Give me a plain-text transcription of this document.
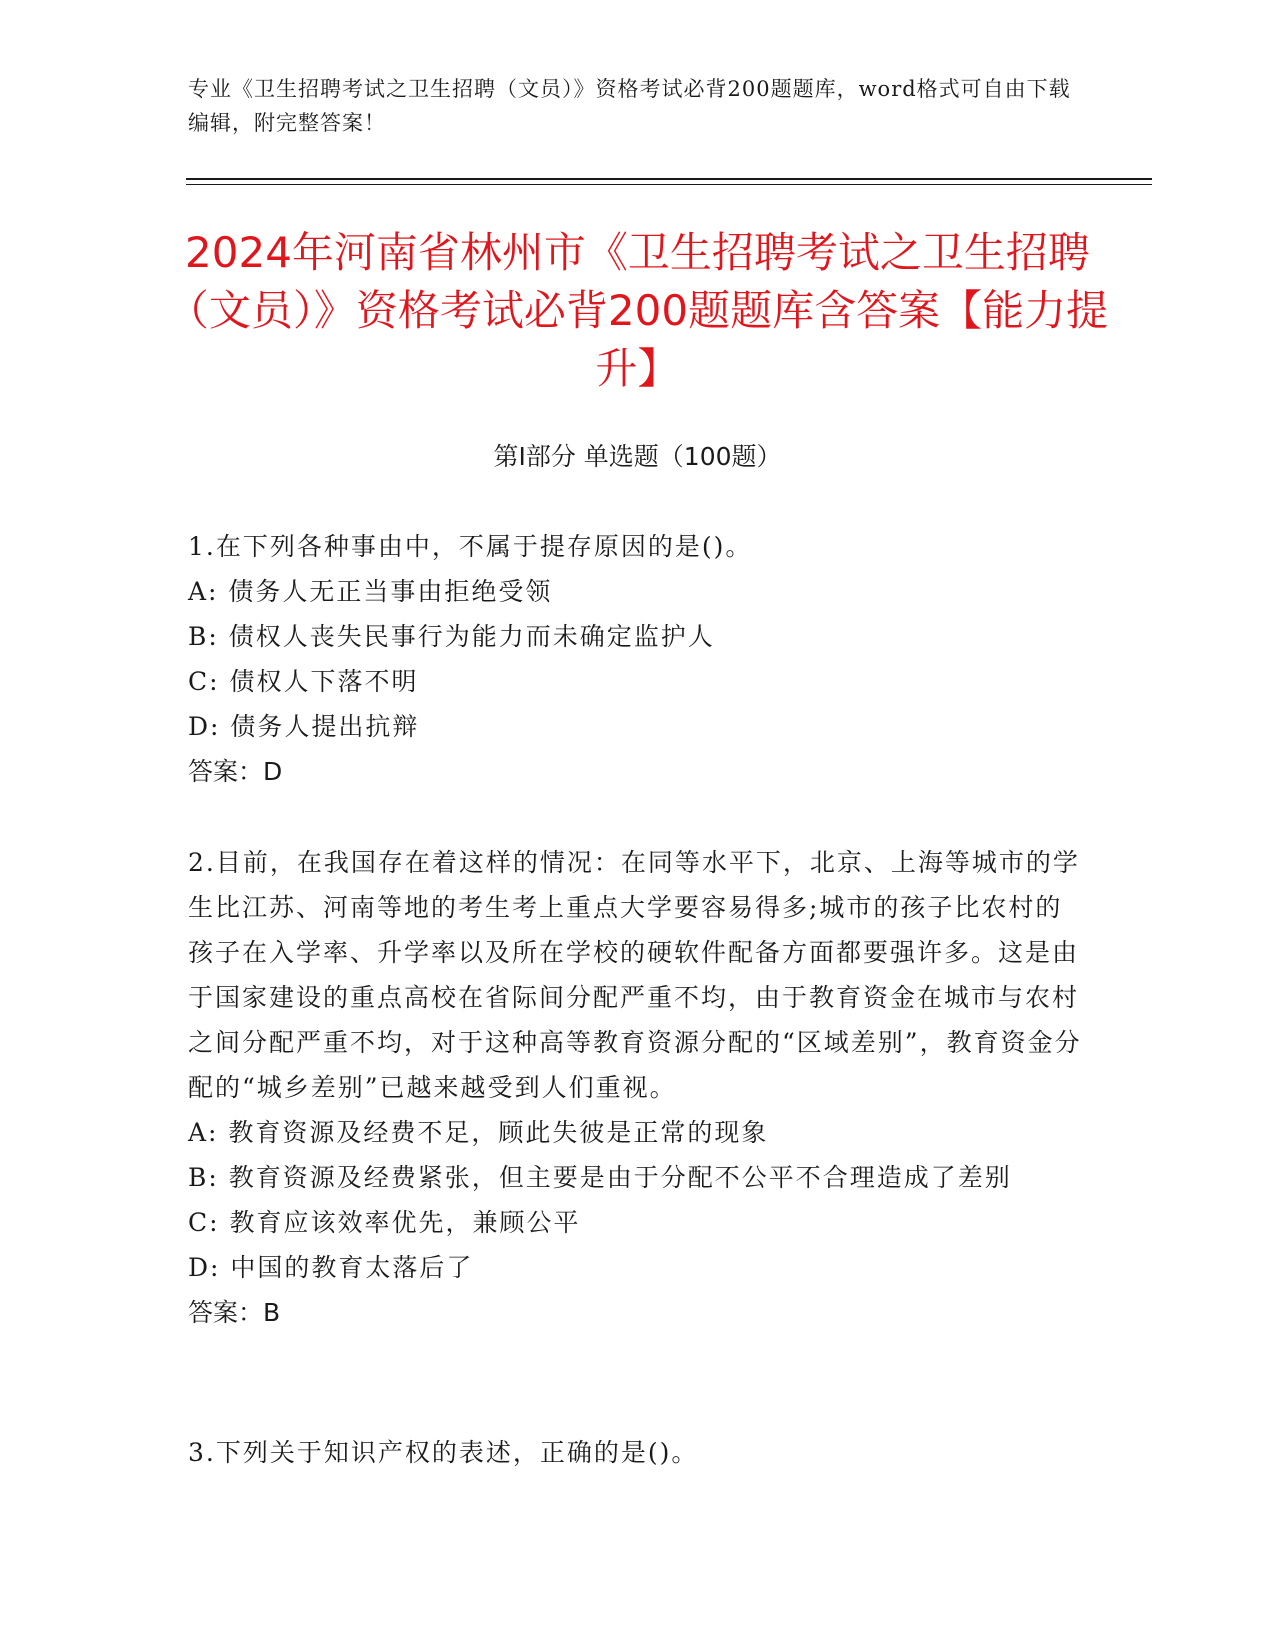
专业《卫生招聘考试之卫生招聘（文员）》资格考试必背200题题库，word格式可自由下载编辑，附完整答案！
2024年河南省林州市《卫生招聘考试之卫生招聘（文员）》资格考试必背200题题库含答案【能力提升】
第Ⅰ部分 单选题（100题）

1.在下列各种事由中，不属于提存原因的是()。

A: 债务人无正当事由拒绝受领

B: 债权人丧失民事行为能力而未确定监护人

C: 债权人下落不明

D: 债务人提出抗辩

答案：D

2.目前，在我国存在着这样的情况：在同等水平下，北京、上海等城市的学生比江苏、河南等地的考生考上重点大学要容易得多;城市的孩子比农村的孩子在入学率、升学率以及所在学校的硬软件配备方面都要强许多。这是由于国家建设的重点高校在省际间分配严重不均，由于教育资金在城市与农村之间分配严重不均，对于这种高等教育资源分配的“区域差别”，教育资金分配的“城乡差别”已越来越受到人们重视。

A: 教育资源及经费不足，顾此失彼是正常的现象

B: 教育资源及经费紧张，但主要是由于分配不公平不合理造成了差别

C: 教育应该效率优先，兼顾公平

D: 中国的教育太落后了

答案：B

3.下列关于知识产权的表述，正确的是()。
